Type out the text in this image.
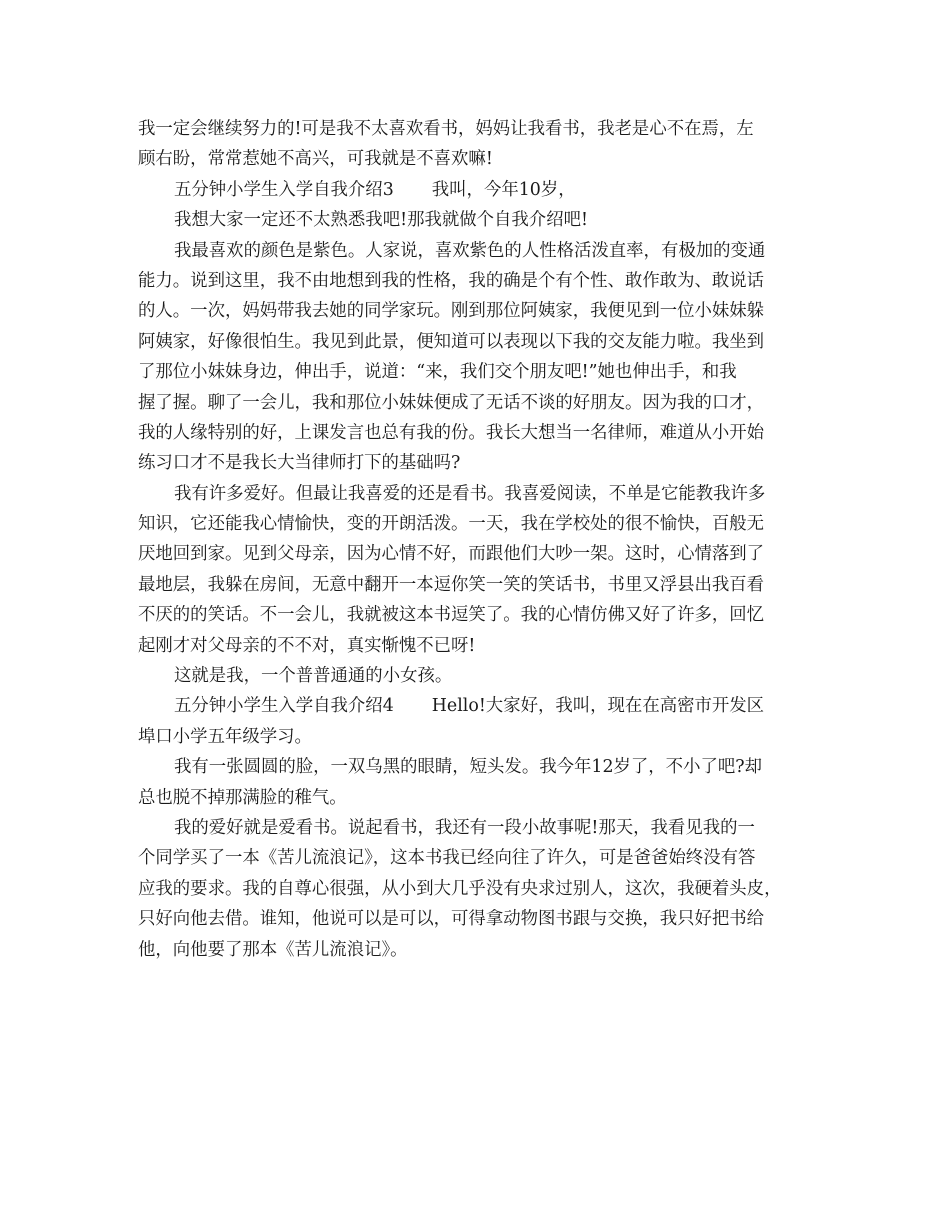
我一定会继续努力的!可是我不太喜欢看书，妈妈让我看书，我老是心不在焉，左
顾右盼，常常惹她不高兴，可我就是不喜欢嘛!
五分钟小学生入学自我介绍3 我叫，今年10岁，
我想大家一定还不太熟悉我吧!那我就做个自我介绍吧!
我最喜欢的颜色是紫色。人家说，喜欢紫色的人性格活泼直率，有极加的变通
能力。说到这里，我不由地想到我的性格，我的确是个有个性、敢作敢为、敢说话
的人。一次，妈妈带我去她的同学家玩。刚到那位阿姨家，我便见到一位小妹妹躲
阿姨家，好像很怕生。我见到此景，便知道可以表现以下我的交友能力啦。我坐到
了那位小妹妹身边，伸出手，说道：“来，我们交个朋友吧!”她也伸出手，和我
握了握。聊了一会儿，我和那位小妹妹便成了无话不谈的好朋友。因为我的口才，
我的人缘特别的好，上课发言也总有我的份。我长大想当一名律师，难道从小开始
练习口才不是我长大当律师打下的基础吗?
我有许多爱好。但最让我喜爱的还是看书。我喜爱阅读，不单是它能教我许多
知识，它还能我心情愉快，变的开朗活泼。一天，我在学校处的很不愉快，百般无
厌地回到家。见到父母亲，因为心情不好，而跟他们大吵一架。这时，心情落到了
最地层，我躲在房间，无意中翻开一本逗你笑一笑的笑话书，书里又浮县出我百看
不厌的的笑话。不一会儿，我就被这本书逗笑了。我的心情仿佛又好了许多，回忆
起刚才对父母亲的不不对，真实惭愧不已呀!
这就是我，一个普普通通的小女孩。
五分钟小学生入学自我介绍4 Hello!大家好，我叫，现在在高密市开发区
埠口小学五年级学习。
我有一张圆圆的脸，一双乌黑的眼睛，短头发。我今年12岁了，不小了吧?却
总也脱不掉那满脸的稚气。
我的爱好就是爱看书。说起看书，我还有一段小故事呢!那天，我看见我的一
个同学买了一本《苦儿流浪记》，这本书我已经向往了许久，可是爸爸始终没有答
应我的要求。我的自尊心很强，从小到大几乎没有央求过别人，这次，我硬着头皮，
只好向他去借。谁知，他说可以是可以，可得拿动物图书跟与交换，我只好把书给
他，向他要了那本《苦儿流浪记》。
